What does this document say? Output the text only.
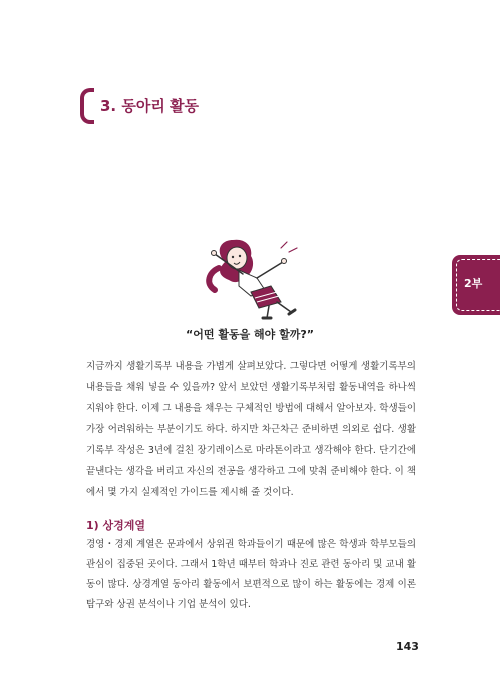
3. 동아리 활동
2부
“어떤 활동을 해야 할까?”

지금까지 생활기록부 내용을 가볍게 살펴보았다. 그렇다면 어떻게 생활기록부의 내용들을 채워 넣을 수 있을까? 앞서 보았던 생활기록부처럼 활동내역을 하나씩 지워야 한다. 이제 그 내용을 채우는 구체적인 방법에 대해서 알아보자. 학생들이 가장 어려워하는 부분이기도 하다. 하지만 차근차근 준비하면 의외로 쉽다. 생활기록부 작성은 3년에 걸친 장기레이스로 마라톤이라고 생각해야 한다. 단기간에 끝낸다는 생각을 버리고 자신의 전공을 생각하고 그에 맞춰 준비해야 한다. 이 책에서 몇 가지 실제적인 가이드를 제시해 줄 것이다.

1) 상경계열

경영・경제 계열은 문과에서 상위권 학과들이기 때문에 많은 학생과 학부모들의 관심이 집중된 곳이다. 그래서 1학년 때부터 학과나 진로 관련 동아리 및 교내 활동이 많다. 상경계열 동아리 활동에서 보편적으로 많이 하는 활동에는 경제 이론 탐구와 상권 분석이나 기업 분석이 있다.

143
